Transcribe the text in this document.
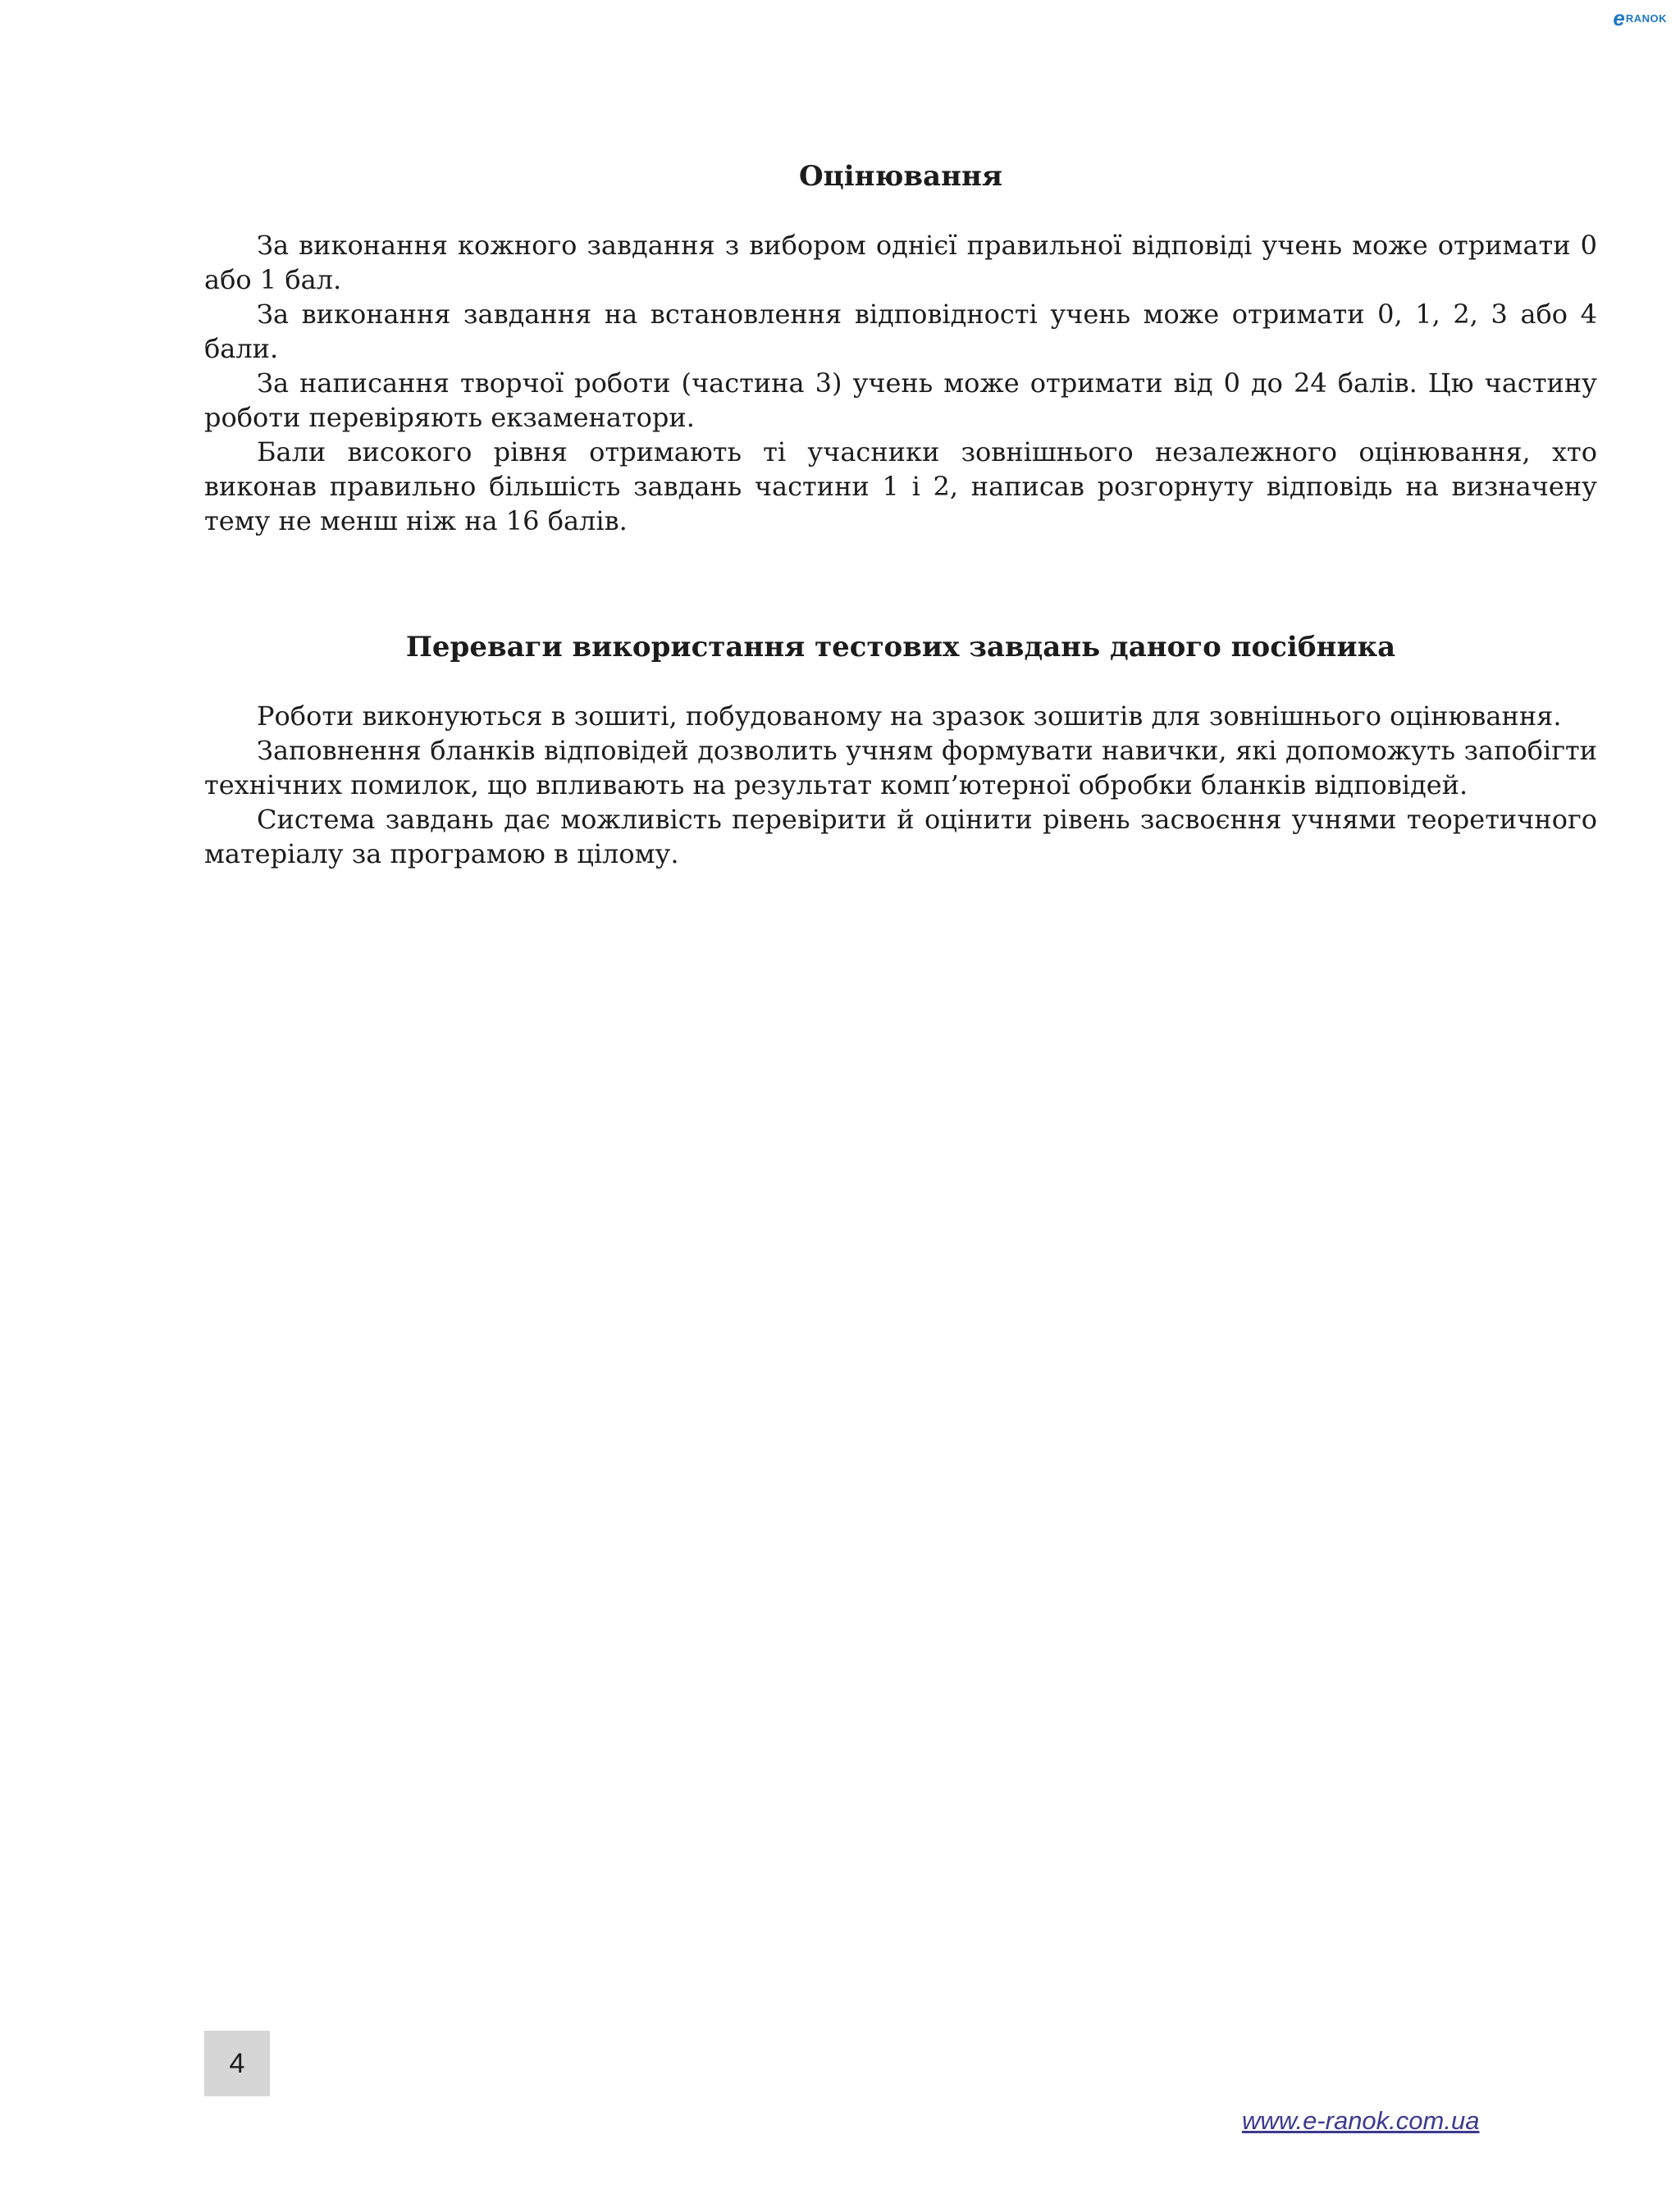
e RANOK
Оцінювання

За виконання кожного завдання з вибором однієї правильної відповіді учень може отримати 0 або 1 бал.

За виконання завдання на встановлення відповідності учень може отримати 0, 1, 2, 3 або 4 бали.

За написання творчої роботи (частина 3) учень може отримати від 0 до 24 балів. Цю частину роботи перевіряють екзаменатори.

Бали високого рівня отримають ті учасники зовнішнього незалежного оцінювання, хто виконав правильно більшість завдань частини 1 і 2, написав розгорнуту відповідь на визначену тему не менш ніж на 16 балів.

Переваги використання тестових завдань даного посібника

Роботи виконуються в зошиті, побудованому на зразок зошитів для зовнішнього оцінювання.

Заповнення бланків відповідей дозволить учням формувати навички, які допоможуть запобігти технічних помилок, що впливають на результат комп’ютерної обробки бланків відповідей.

Система завдань дає можливість перевірити й оцінити рівень засвоєння учнями теоретичного матеріалу за програмою в цілому.

4
www.e-ranok.com.ua
